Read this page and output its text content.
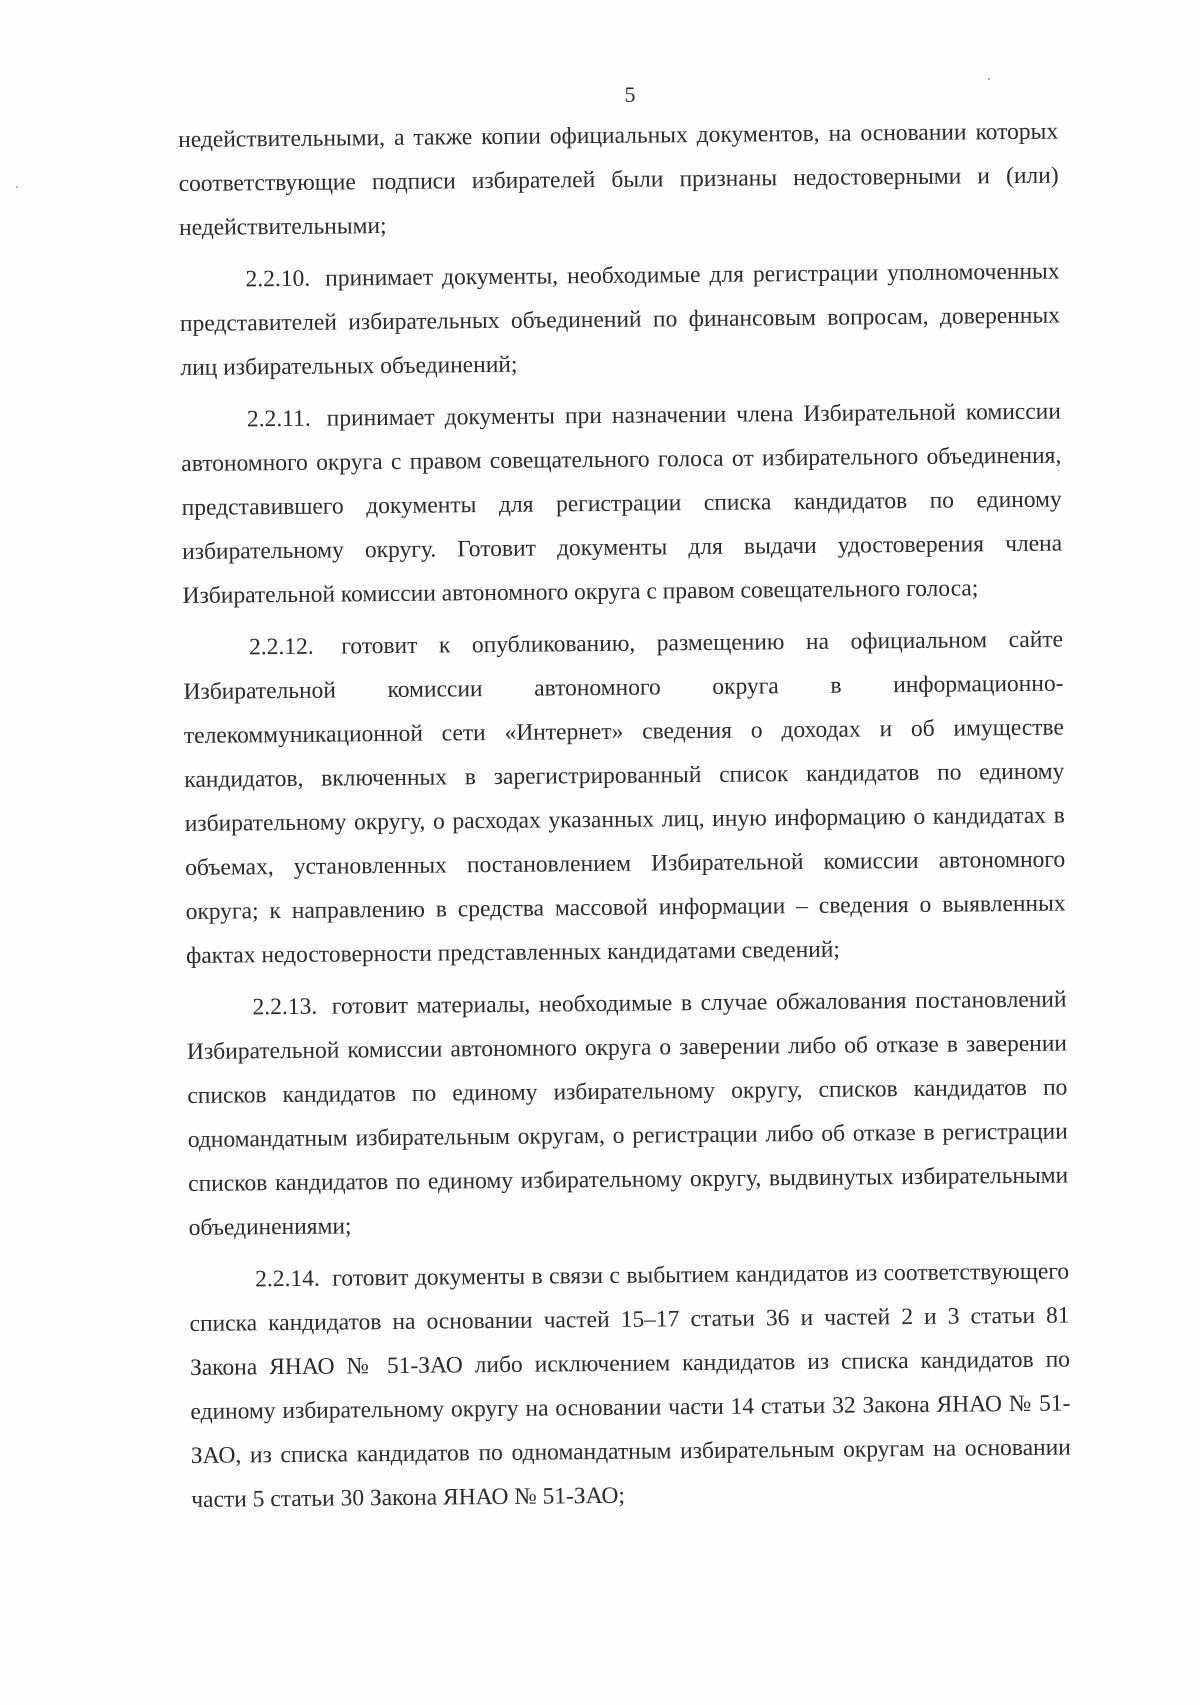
5

недействительными, а также копии официальных документов, на основании которых соответствующие подписи избирателей были признаны недостоверными и (или) недействительными;

2.2.10. принимает документы, необходимые для регистрации уполномоченных представителей избирательных объединений по финансовым вопросам, доверенных лиц избирательных объединений;

2.2.11. принимает документы при назначении члена Избирательной комиссии автономного округа с правом совещательного голоса от избирательного объединения, представившего документы для регистрации списка кандидатов по единому избирательному округу. Готовит документы для выдачи удостоверения члена Избирательной комиссии автономного округа с правом совещательного голоса;

2.2.12. готовит к опубликованию, размещению на официальном сайте Избирательной комиссии автономного округа в информационно-телекоммуникационной сети «Интернет» сведения о доходах и об имуществе кандидатов, включенных в зарегистрированный список кандидатов по единому избирательному округу, о расходах указанных лиц, иную информацию о кандидатах в объемах, установленных постановлением Избирательной комиссии автономного округа; к направлению в средства массовой информации – сведения о выявленных фактах недостоверности представленных кандидатами сведений;

2.2.13. готовит материалы, необходимые в случае обжалования постановлений Избирательной комиссии автономного округа о заверении либо об отказе в заверении списков кандидатов по единому избирательному округу, списков кандидатов по одномандатным избирательным округам, о регистрации либо об отказе в регистрации списков кандидатов по единому избирательному округу, выдвинутых избирательными объединениями;

2.2.14. готовит документы в связи с выбытием кандидатов из соответствующего списка кандидатов на основании частей 15–17 статьи 36 и частей 2 и 3 статьи 81 Закона ЯНАО № 51-ЗАО либо исключением кандидатов из списка кандидатов по единому избирательному округу на основании части 14 статьи 32 Закона ЯНАО № 51-ЗАО, из списка кандидатов по одномандатным избирательным округам на основании части 5 статьи 30 Закона ЯНАО № 51-ЗАО;
